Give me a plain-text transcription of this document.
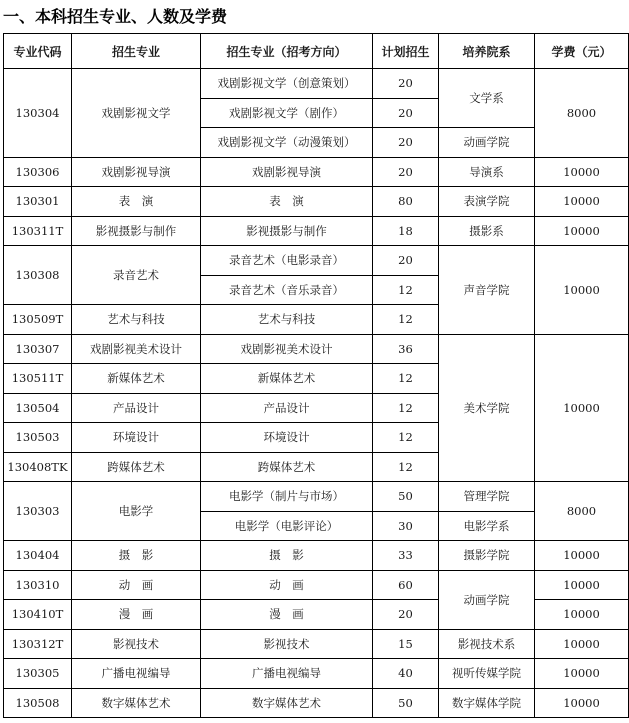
一、本科招生专业、人数及学费
专业代码	招生专业	招生专业（招考方向）	计划招生	培养院系	学费（元）
130304	戏剧影视文学	戏剧影视文学（创意策划）	20	文学系	8000
		戏剧影视文学（剧作）	20		
		戏剧影视文学（动漫策划）	20	动画学院	
130306	戏剧影视导演	戏剧影视导演	20	导演系	10000
130301	表　演	表　演	80	表演学院	10000
130311T	影视摄影与制作	影视摄影与制作	18	摄影系	10000
130308	录音艺术	录音艺术（电影录音）	20	声音学院	10000
		录音艺术（音乐录音）	12		
130509T	艺术与科技	艺术与科技	12		
130307	戏剧影视美术设计	戏剧影视美术设计	36	美术学院	10000
130511T	新媒体艺术	新媒体艺术	12		
130504	产品设计	产品设计	12		
130503	环境设计	环境设计	12		
130408TK	跨媒体艺术	跨媒体艺术	12		
130303	电影学	电影学（制片与市场）	50	管理学院	8000
		电影学（电影评论）	30	电影学系	
130404	摄　影	摄　影	33	摄影学院	10000
130310	动　画	动　画	60	动画学院	10000
130410T	漫　画	漫　画	20		10000
130312T	影视技术	影视技术	15	影视技术系	10000
130305	广播电视编导	广播电视编导	40	视听传媒学院	10000
130508	数字媒体艺术	数字媒体艺术	50	数字媒体学院	10000
